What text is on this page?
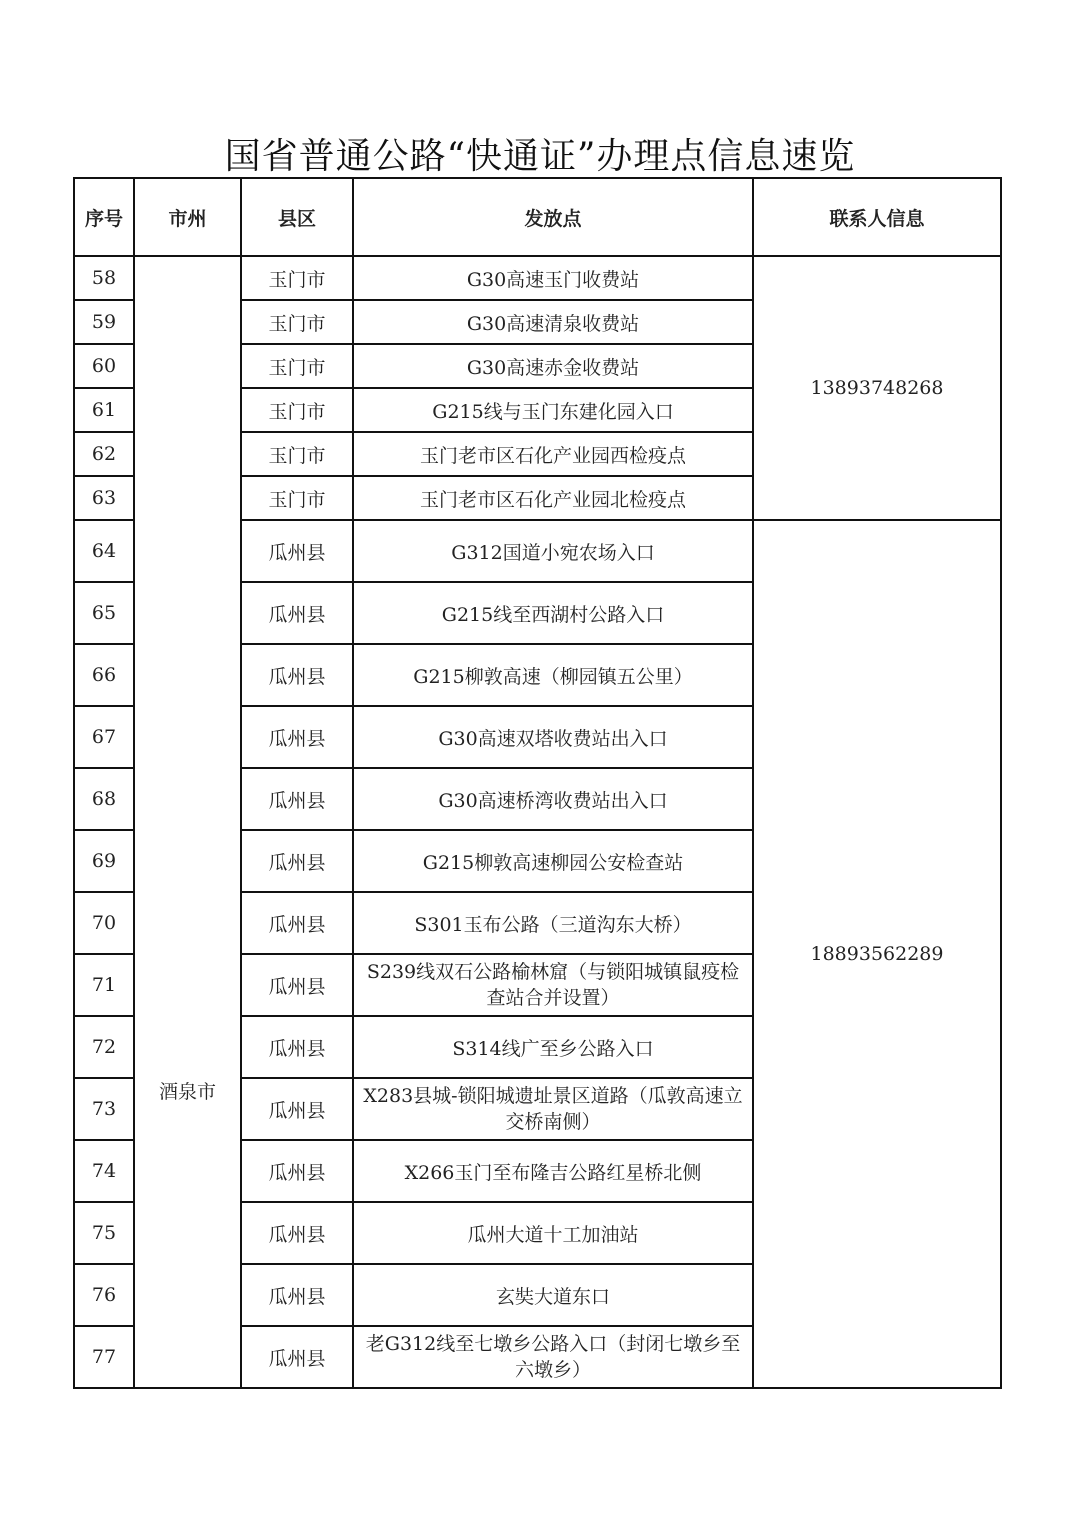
国省普通公路“快通证”办理点信息速览
序号	市州	县区	发放点	联系人信息
58	酒泉市	玉门市	G30高速玉门收费站	13893748268
59		玉门市	G30高速清泉收费站	
60		玉门市	G30高速赤金收费站	
61		玉门市	G215线与玉门东建化园入口	
62		玉门市	玉门老市区石化产业园西检疫点	
63		玉门市	玉门老市区石化产业园北检疫点	
64		瓜州县	G312国道小宛农场入口	18893562289
65		瓜州县	G215线至西湖村公路入口	
66		瓜州县	G215柳敦高速（柳园镇五公里）	
67		瓜州县	G30高速双塔收费站出入口	
68		瓜州县	G30高速桥湾收费站出入口	
69		瓜州县	G215柳敦高速柳园公安检查站	
70		瓜州县	S301玉布公路（三道沟东大桥）	
71		瓜州县	S239线双石公路榆林窟（与锁阳城镇鼠疫检查站合并设置）	
72		瓜州县	S314线广至乡公路入口	
73		瓜州县	X283县城-锁阳城遗址景区道路（瓜敦高速立交桥南侧）	
74		瓜州县	X266玉门至布隆吉公路红星桥北侧	
75		瓜州县	瓜州大道十工加油站	
76		瓜州县	玄奘大道东口	
77		瓜州县	老G312线至七墩乡公路入口（封闭七墩乡至六墩乡）	
